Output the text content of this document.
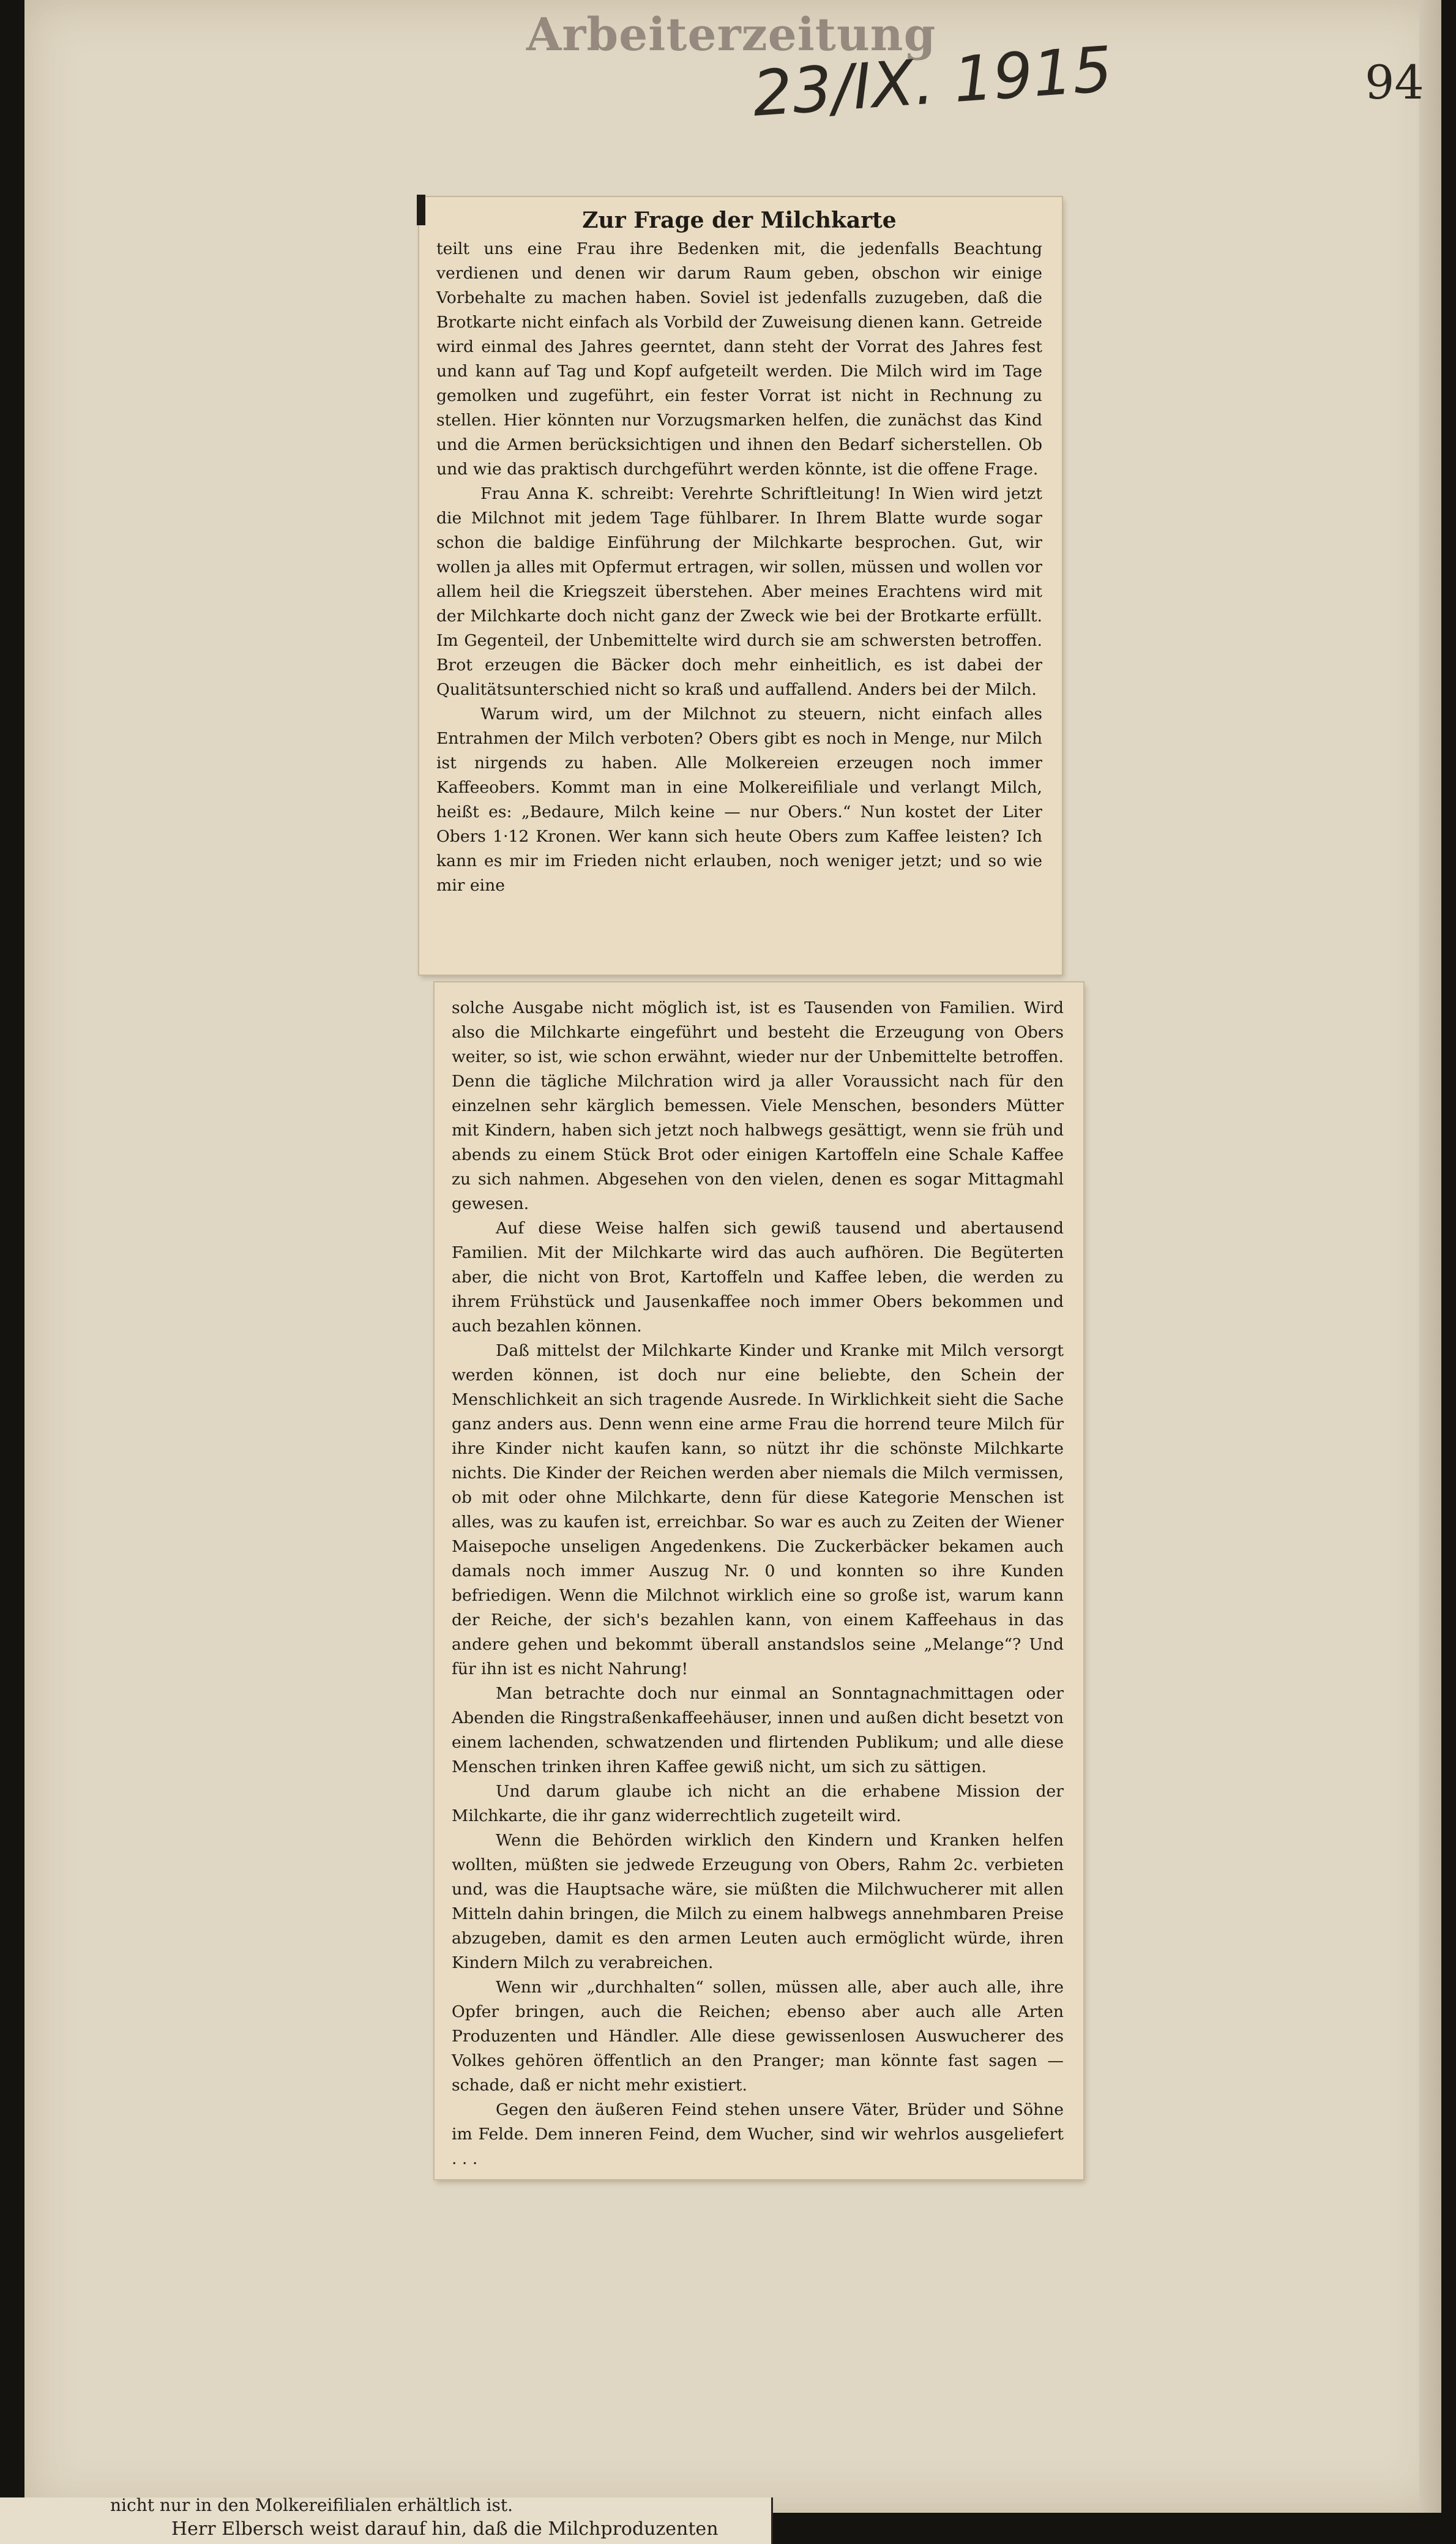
Arbeiterzeitung
23/IX. 1915	94
Zur Frage der Milchkarte

teilt uns eine Frau ihre Bedenken mit, die jedenfalls Beachtung verdienen und denen wir darum Raum geben, obschon wir einige Vorbehalte zu machen haben. Soviel ist jedenfalls zuzugeben, daß die Brotkarte nicht einfach als Vorbild der Zuweisung dienen kann. Getreide wird einmal des Jahres geerntet, dann steht der Vorrat des Jahres fest und kann auf Tag und Kopf aufgeteilt werden. Die Milch wird im Tage gemolken und zugeführt, ein fester Vorrat ist nicht in Rechnung zu stellen. Hier könnten nur Vorzugsmarken helfen, die zunächst das Kind und die Armen berücksichtigen und ihnen den Bedarf sicherstellen. Ob und wie das praktisch durchgeführt werden könnte, ist die offene Frage.

Frau Anna K. schreibt: Verehrte Schriftleitung! In Wien wird jetzt die Milchnot mit jedem Tage fühlbarer. In Ihrem Blatte wurde sogar schon die baldige Einführung der Milchkarte besprochen. Gut, wir wollen ja alles mit Opfermut ertragen, wir sollen, müssen und wollen vor allem heil die Kriegszeit überstehen. Aber meines Erachtens wird mit der Milchkarte doch nicht ganz der Zweck wie bei der Brotkarte erfüllt. Im Gegenteil, der Unbemittelte wird durch sie am schwersten betroffen. Brot erzeugen die Bäcker doch mehr einheitlich, es ist dabei der Qualitätsunterschied nicht so kraß und auffallend. Anders bei der Milch.

Warum wird, um der Milchnot zu steuern, nicht einfach alles Entrahmen der Milch verboten? Obers gibt es noch in Menge, nur Milch ist nirgends zu haben. Alle Molkereien erzeugen noch immer Kaffeeobers. Kommt man in eine Molkereifiliale und verlangt Milch, heißt es: „Bedaure, Milch keine — nur Obers.“ Nun kostet der Liter Obers 1·12 Kronen. Wer kann sich heute Obers zum Kaffee leisten? Ich kann es mir im Frieden nicht erlauben, noch weniger jetzt; und so wie mir eine

solche Ausgabe nicht möglich ist, ist es Tausenden von Familien. Wird also die Milchkarte eingeführt und besteht die Erzeugung von Obers weiter, so ist, wie schon erwähnt, wieder nur der Unbemittelte betroffen. Denn die tägliche Milchration wird ja aller Voraussicht nach für den einzelnen sehr kärglich bemessen. Viele Menschen, besonders Mütter mit Kindern, haben sich jetzt noch halbwegs gesättigt, wenn sie früh und abends zu einem Stück Brot oder einigen Kartoffeln eine Schale Kaffee zu sich nahmen. Abgesehen von den vielen, denen es sogar Mittagmahl gewesen.

Auf diese Weise halfen sich gewiß tausend und abertausend Familien. Mit der Milchkarte wird das auch aufhören. Die Begüterten aber, die nicht von Brot, Kartoffeln und Kaffee leben, die werden zu ihrem Frühstück und Jausenkaffee noch immer Obers bekommen und auch bezahlen können.

Daß mittelst der Milchkarte Kinder und Kranke mit Milch versorgt werden können, ist doch nur eine beliebte, den Schein der Menschlichkeit an sich tragende Ausrede. In Wirklichkeit sieht die Sache ganz anders aus. Denn wenn eine arme Frau die horrend teure Milch für ihre Kinder nicht kaufen kann, so nützt ihr die schönste Milchkarte nichts. Die Kinder der Reichen werden aber niemals die Milch vermissen, ob mit oder ohne Milchkarte, denn für diese Kategorie Menschen ist alles, was zu kaufen ist, erreichbar. So war es auch zu Zeiten der Wiener Maisepoche unseligen Angedenkens. Die Zuckerbäcker bekamen auch damals noch immer Auszug Nr. 0 und konnten so ihre Kunden befriedigen. Wenn die Milchnot wirklich eine so große ist, warum kann der Reiche, der sich's bezahlen kann, von einem Kaffeehaus in das andere gehen und bekommt überall anstandslos seine „Melange“? Und für ihn ist es nicht Nahrung!

Man betrachte doch nur einmal an Sonntagnachmittagen oder Abenden die Ringstraßenkaffeehäuser, innen und außen dicht besetzt von einem lachenden, schwatzenden und flirtenden Publikum; und alle diese Menschen trinken ihren Kaffee gewiß nicht, um sich zu sättigen.

Und darum glaube ich nicht an die erhabene Mission der Milchkarte, die ihr ganz widerrechtlich zugeteilt wird.

Wenn die Behörden wirklich den Kindern und Kranken helfen wollten, müßten sie jedwede Erzeugung von Obers, Rahm 2c. verbieten und, was die Hauptsache wäre, sie müßten die Milchwucherer mit allen Mitteln dahin bringen, die Milch zu einem halbwegs annehmbaren Preise abzugeben, damit es den armen Leuten auch ermöglicht würde, ihren Kindern Milch zu verabreichen.

Wenn wir „durchhalten“ sollen, müssen alle, aber auch alle, ihre Opfer bringen, auch die Reichen; ebenso aber auch alle Arten Produzenten und Händler. Alle diese gewissenlosen Auswucherer des Volkes gehören öffentlich an den Pranger; man könnte fast sagen — schade, daß er nicht mehr existiert.

Gegen den äußeren Feind stehen unsere Väter, Brüder und Söhne im Felde. Dem inneren Feind, dem Wucher, sind wir wehrlos ausgeliefert . . .

nicht nur in den Molkereifilialen erhältlich ist.
Herr Elbersch weist darauf hin, daß die Milchproduzenten
